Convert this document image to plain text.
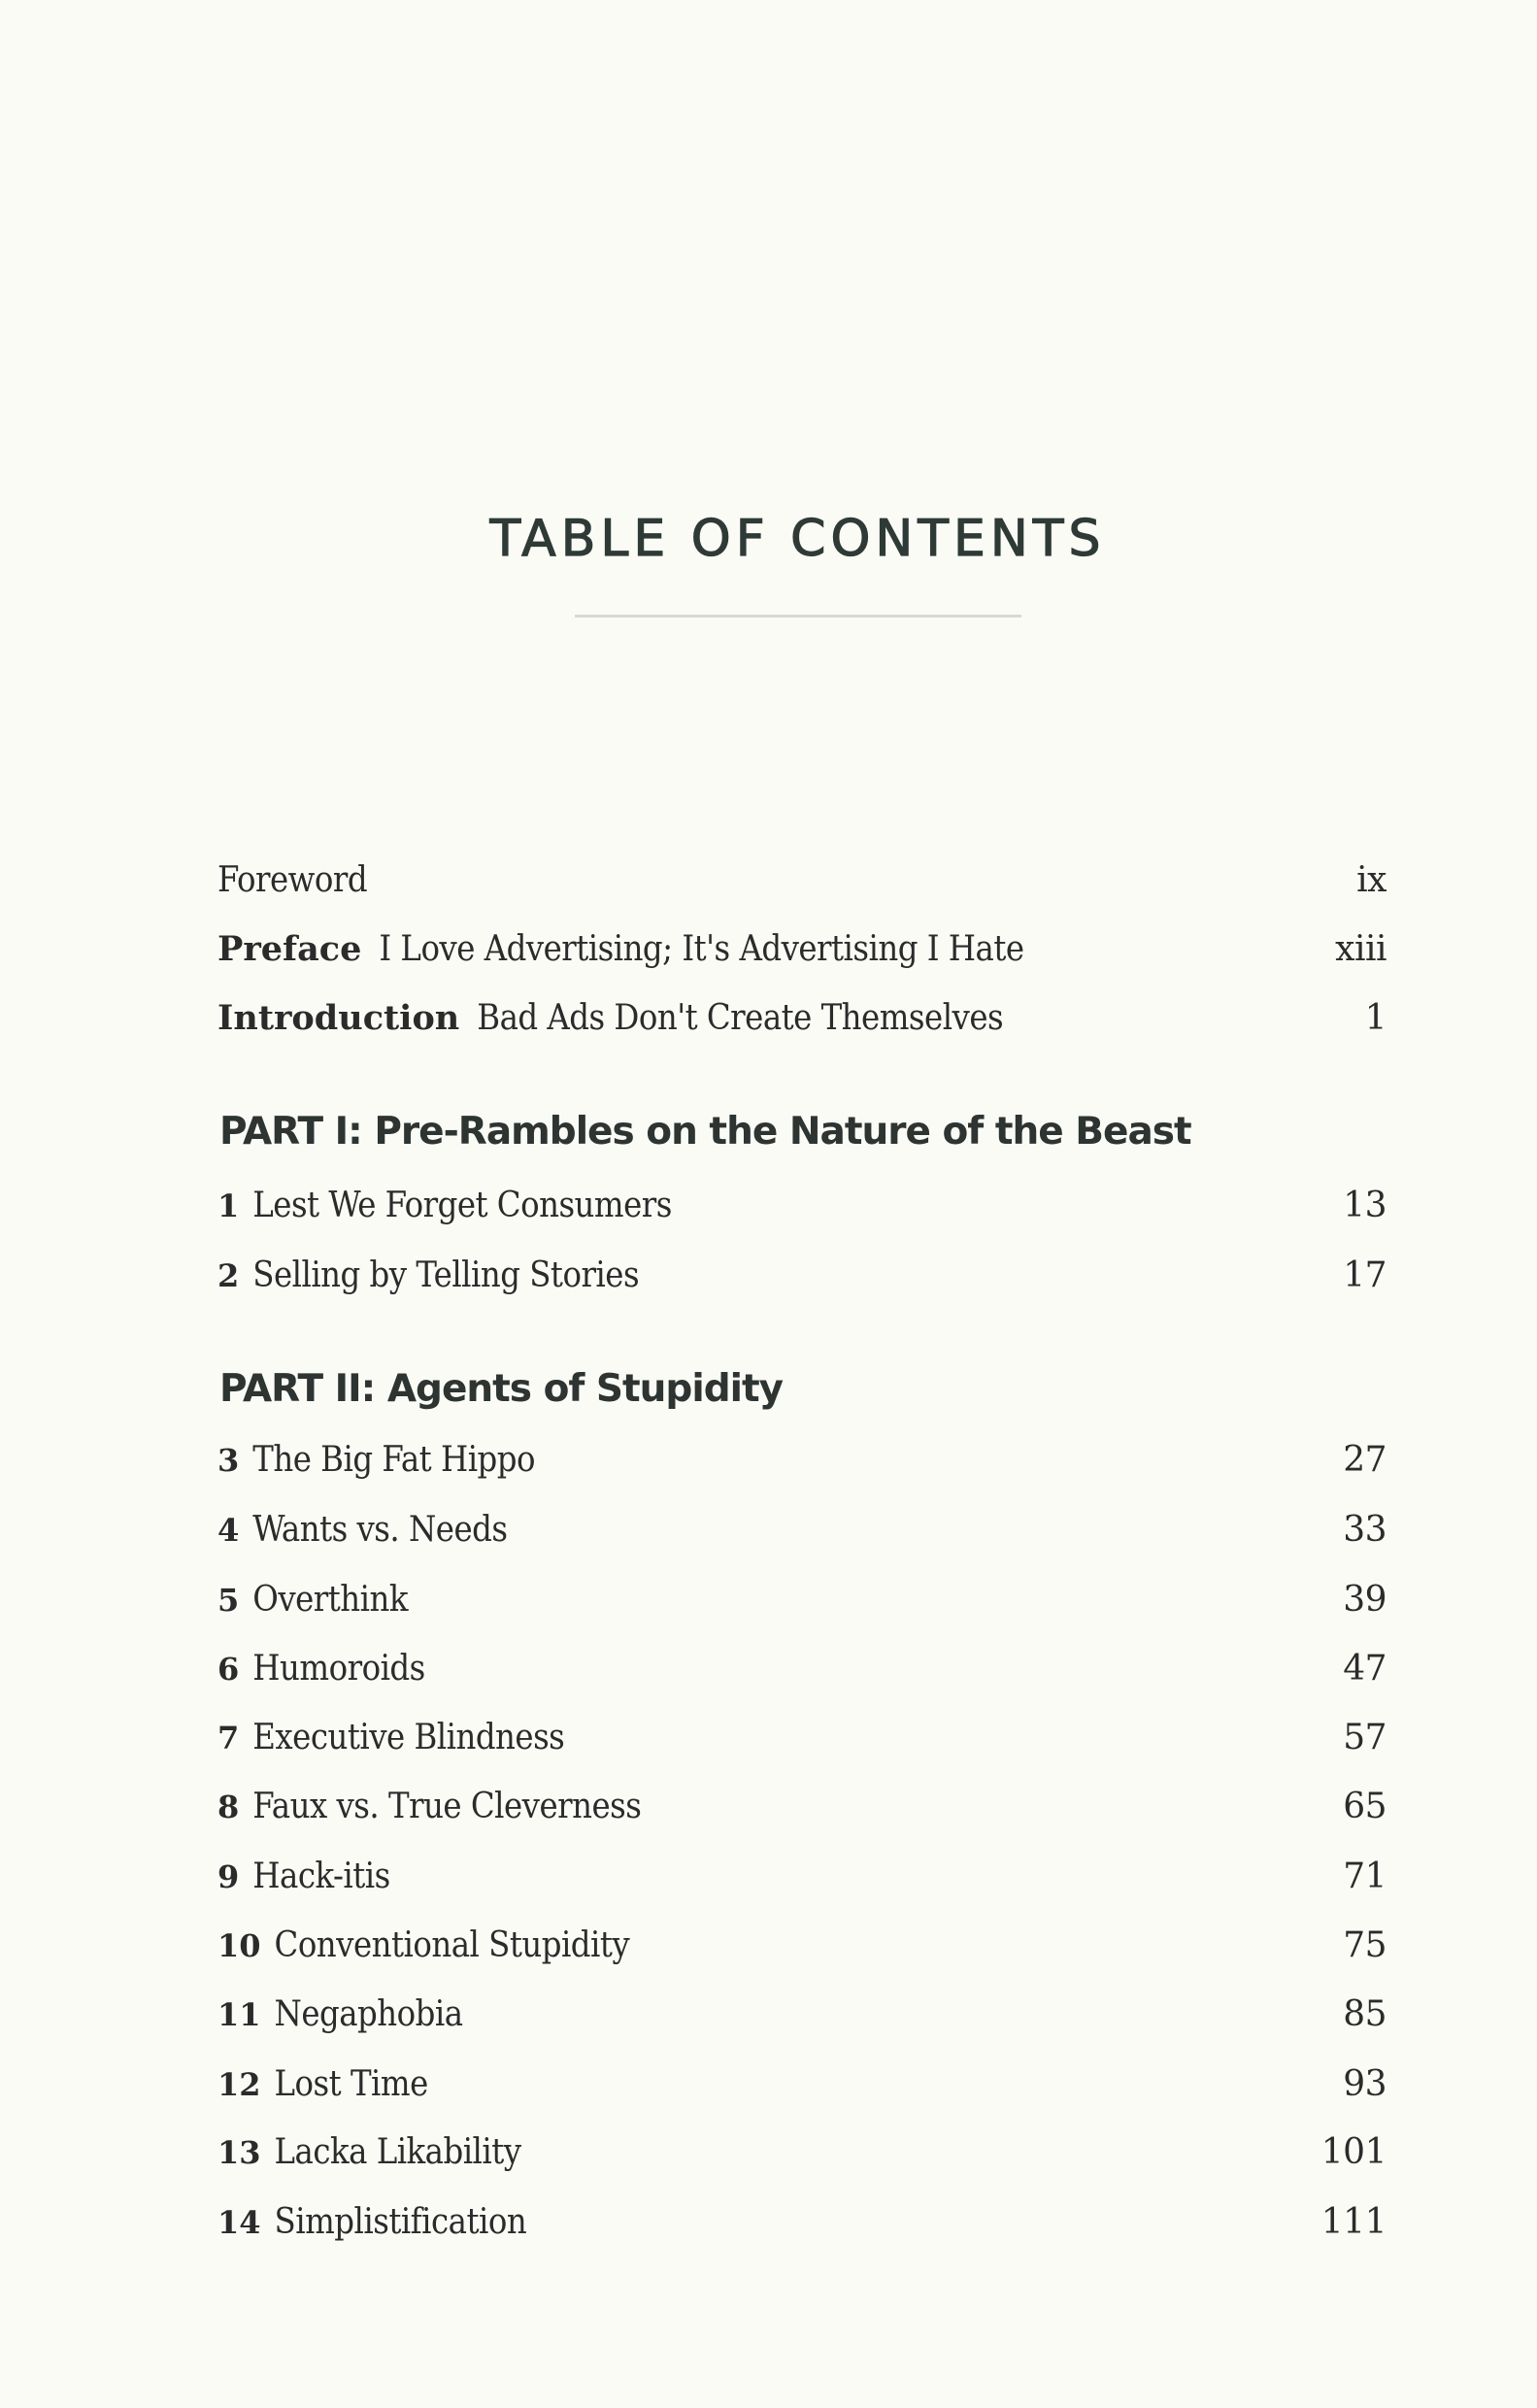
TABLE OF CONTENTS
Foreword	ix
Preface I Love Advertising; It's Advertising I Hate	xiii
Introduction Bad Ads Don't Create Themselves	1
PART I: Pre-Rambles on the Nature of the Beast
1 Lest We Forget Consumers	13
2 Selling by Telling Stories	17
PART II: Agents of Stupidity
3 The Big Fat Hippo	27
4 Wants vs. Needs	33
5 Overthink	39
6 Humoroids	47
7 Executive Blindness	57
8 Faux vs. True Cleverness	65
9 Hack-itis	71
10 Conventional Stupidity	75
11 Negaphobia	85
12 Lost Time	93
13 Lacka Likability	101
14 Simplistification	111
